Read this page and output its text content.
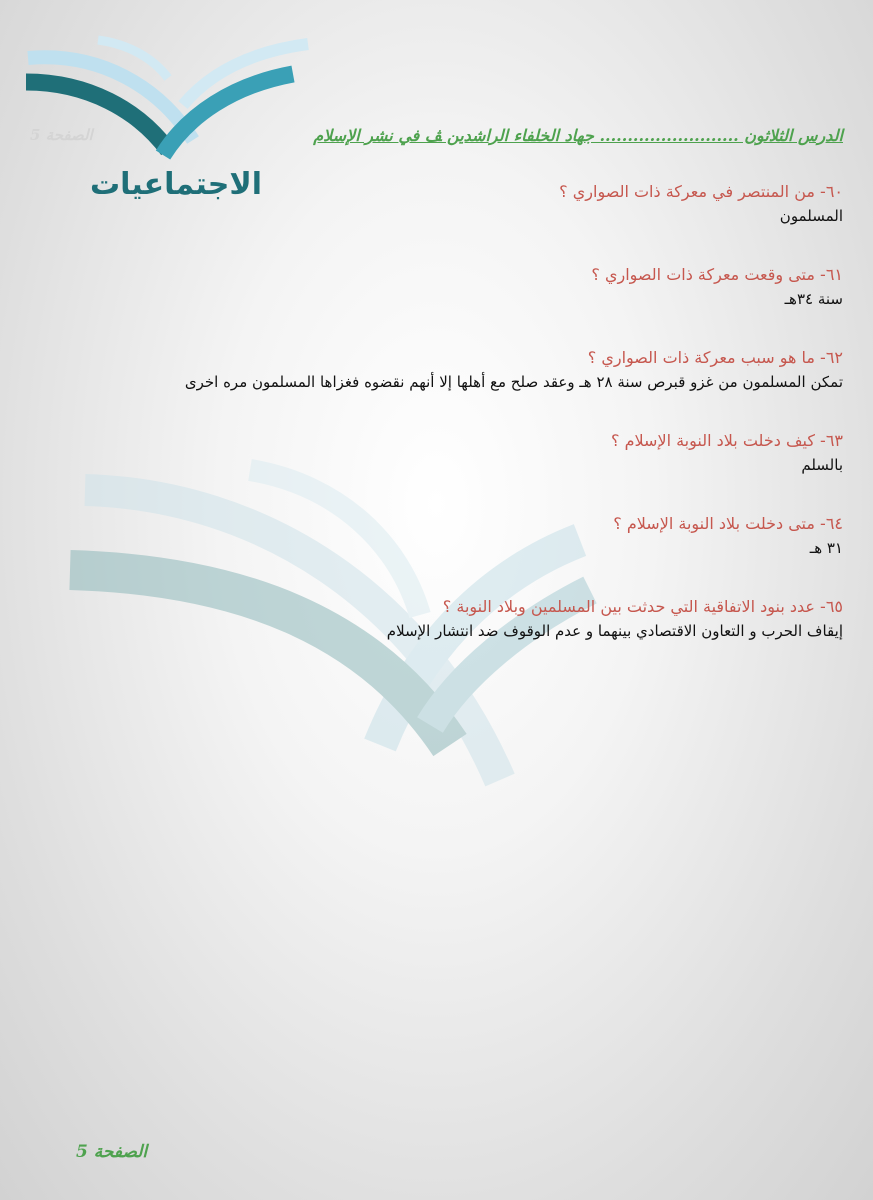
الاجتماعيات
الصفحة 5	الدرس الثلاثون ......................... جهاد الخلفاء الراشدين ﭫ في نشر الإسلام
٦٠- من المنتصر في معركة ذات الصواري ؟
المسلمون
٦١- متى وقعت معركة ذات الصواري ؟
سنة ٣٤هـ
٦٢- ما هو سبب معركة ذات الصواري ؟
تمكن المسلمون من غزو قبرص سنة ٢٨ هـ وعقد صلح مع أهلها إلا أنهم نقضوه فغزاها المسلمون مره اخرى
٦٣- كيف دخلت بلاد النوبة الإسلام ؟
بالسلم
٦٤- متى دخلت بلاد النوبة الإسلام ؟
٣١ هـ
٦٥- عدد بنود الاتفاقية التي حدثت بين المسلمين وبلاد النوبة ؟
إيقاف الحرب و التعاون الاقتصادي بينهما و عدم الوقوف ضد انتشار الإسلام
الصفحة 5
